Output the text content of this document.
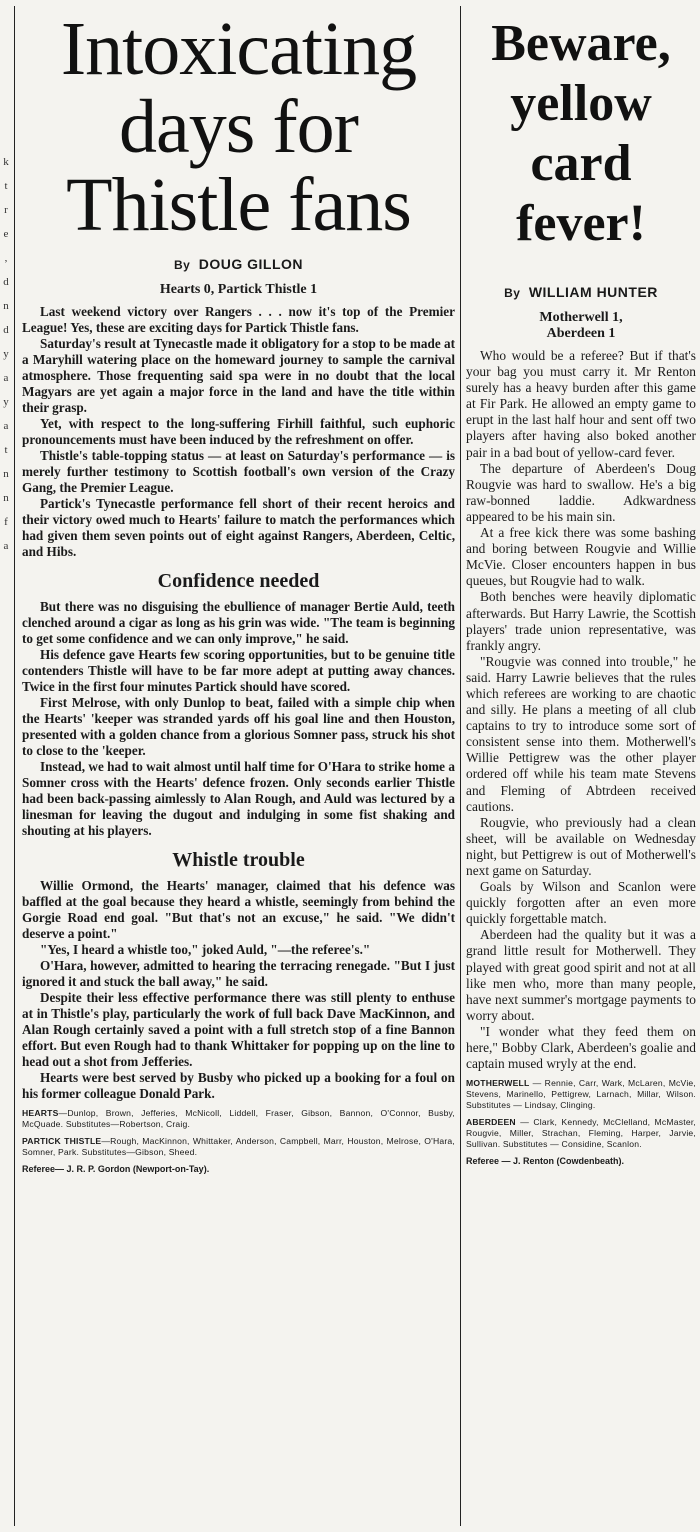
k
t
r
e
,
d
n
d
y
a
y
a
t
n
n
f
a
Intoxicating
days for
Thistle fans
By DOUG GILLON
Hearts 0, Partick Thistle 1

Last weekend victory over Rangers . . . now it's top of the Premier League! Yes, these are exciting days for Partick Thistle fans.

Saturday's result at Tynecastle made it obligatory for a stop to be made at a Maryhill watering place on the homeward journey to sample the carnival atmosphere. Those frequenting said spa were in no doubt that the local Magyars are yet again a major force in the land and have the title within their grasp.

Yet, with respect to the long-suffering Firhill faithful, such euphoric pronouncements must have been induced by the refreshment on offer.

Thistle's table-topping status — at least on Saturday's performance — is merely further testimony to Scottish football's own version of the Crazy Gang, the Premier League.

Partick's Tynecastle performance fell short of their recent heroics and their victory owed much to Hearts' failure to match the performances which had given them seven points out of eight against Rangers, Aberdeen, Celtic, and Hibs.

Confidence needed

But there was no disguising the ebullience of manager Bertie Auld, teeth clenched around a cigar as long as his grin was wide. "The team is beginning to get some confidence and we can only improve," he said.

His defence gave Hearts few scoring opportunities, but to be genuine title contenders Thistle will have to be far more adept at putting away chances. Twice in the first four minutes Partick should have scored.

First Melrose, with only Dunlop to beat, failed with a simple chip when the Hearts' 'keeper was stranded yards off his goal line and then Houston, presented with a golden chance from a glorious Somner pass, struck his shot to close to the 'keeper.

Instead, we had to wait almost until half time for O'Hara to strike home a Somner cross with the Hearts' defence frozen. Only seconds earlier Thistle had been back-passing aimlessly to Alan Rough, and Auld was lectured by a linesman for leaving the dugout and indulging in some fist shaking and shouting at his players.

Whistle trouble

Willie Ormond, the Hearts' manager, claimed that his defence was baffled at the goal because they heard a whistle, seemingly from behind the Gorgie Road end goal. "But that's not an excuse," he said. "We didn't deserve a point."

"Yes, I heard a whistle too," joked Auld, "—the referee's."

O'Hara, however, admitted to hearing the terracing renegade. "But I just ignored it and stuck the ball away," he said.

Despite their less effective performance there was still plenty to enthuse at in Thistle's play, particularly the work of full back Dave MacKinnon, and Alan Rough certainly saved a point with a full stretch stop of a fine Bannon effort. But even Rough had to thank Whittaker for popping up on the line to head out a shot from Jefferies.

Hearts were best served by Busby who picked up a booking for a foul on his former colleague Donald Park.

HEARTS—Dunlop, Brown, Jefferies, McNicoll, Liddell, Fraser, Gibson, Bannon, O'Connor, Busby, McQuade. Substitutes—Robertson, Craig.
PARTICK THISTLE—Rough, MacKinnon, Whittaker, Anderson, Campbell, Marr, Houston, Melrose, O'Hara, Somner, Park. Substitutes—Gibson, Sheed.
Referee— J. R. P. Gordon (Newport-on-Tay).
Beware,
yellow
card
fever!
By WILLIAM HUNTER
Motherwell 1,
Aberdeen 1

Who would be a referee? But if that's your bag you must carry it. Mr Renton surely has a heavy burden after this game at Fir Park. He allowed an empty game to erupt in the last half hour and sent off two players after having also boked another pair in a bad bout of yellow-card fever.

The departure of Aberdeen's Doug Rougvie was hard to swallow. He's a big raw-bonned laddie. Adkwardness appeared to be his main sin.

At a free kick there was some bashing and boring between Rougvie and Willie McVie. Closer encounters happen in bus queues, but Rougvie had to walk.

Both benches were heavily diplomatic afterwards. But Harry Lawrie, the Scottish players' trade union representative, was frankly angry.

"Rougvie was conned into trouble," he said. Harry Lawrie believes that the rules which referees are working to are chaotic and silly. He plans a meeting of all club captains to try to introduce some sort of consistent sense into them. Motherwell's Willie Pettigrew was the other player ordered off while his team mate Stevens and Fleming of Abtrdeen received cautions.

Rougvie, who previously had a clean sheet, will be available on Wednesday night, but Pettigrew is out of Motherwell's next game on Saturday.

Goals by Wilson and Scanlon were quickly forgotten after an even more quickly forgettable match.

Aberdeen had the quality but it was a grand little result for Motherwell. They played with great good spirit and not at all like men who, more than many people, have next summer's mortgage payments to worry about.

"I wonder what they feed them on here," Bobby Clark, Aberdeen's goalie and captain mused wryly at the end.

MOTHERWELL — Rennie, Carr, Wark, McLaren, McVie, Stevens, Marinello, Pettigrew, Larnach, Millar, Wilson. Substitutes — Lindsay, Clinging.
ABERDEEN — Clark, Kennedy, McClelland, McMaster, Rougvie, Miller, Strachan, Fleming, Harper, Jarvie, Sullivan. Substitutes — Considine, Scanlon.
Referee — J. Renton (Cowdenbeath).
